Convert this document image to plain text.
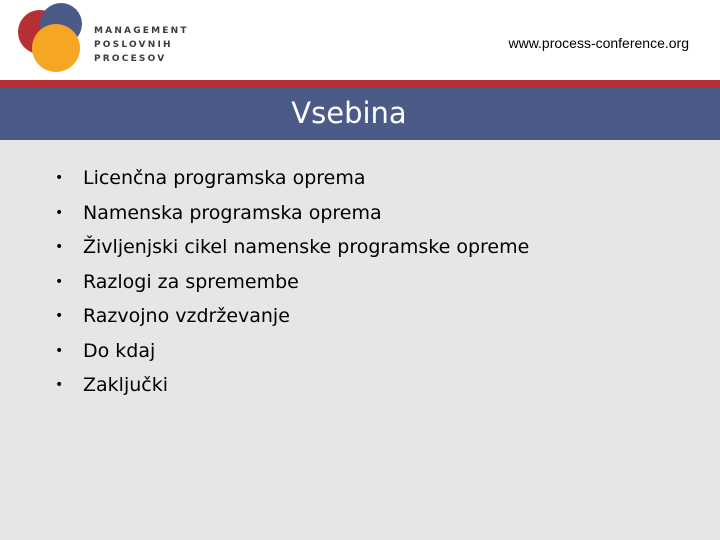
MANAGEMENT
POSLOVNIH
PROCESOV
www.process-conference.org
Vsebina
• Licenčna programska oprema
• Namenska programska oprema
• Življenjski cikel namenske programske opreme
• Razlogi za spremembe
• Razvojno vzdrževanje
• Do kdaj
• Zaključki
